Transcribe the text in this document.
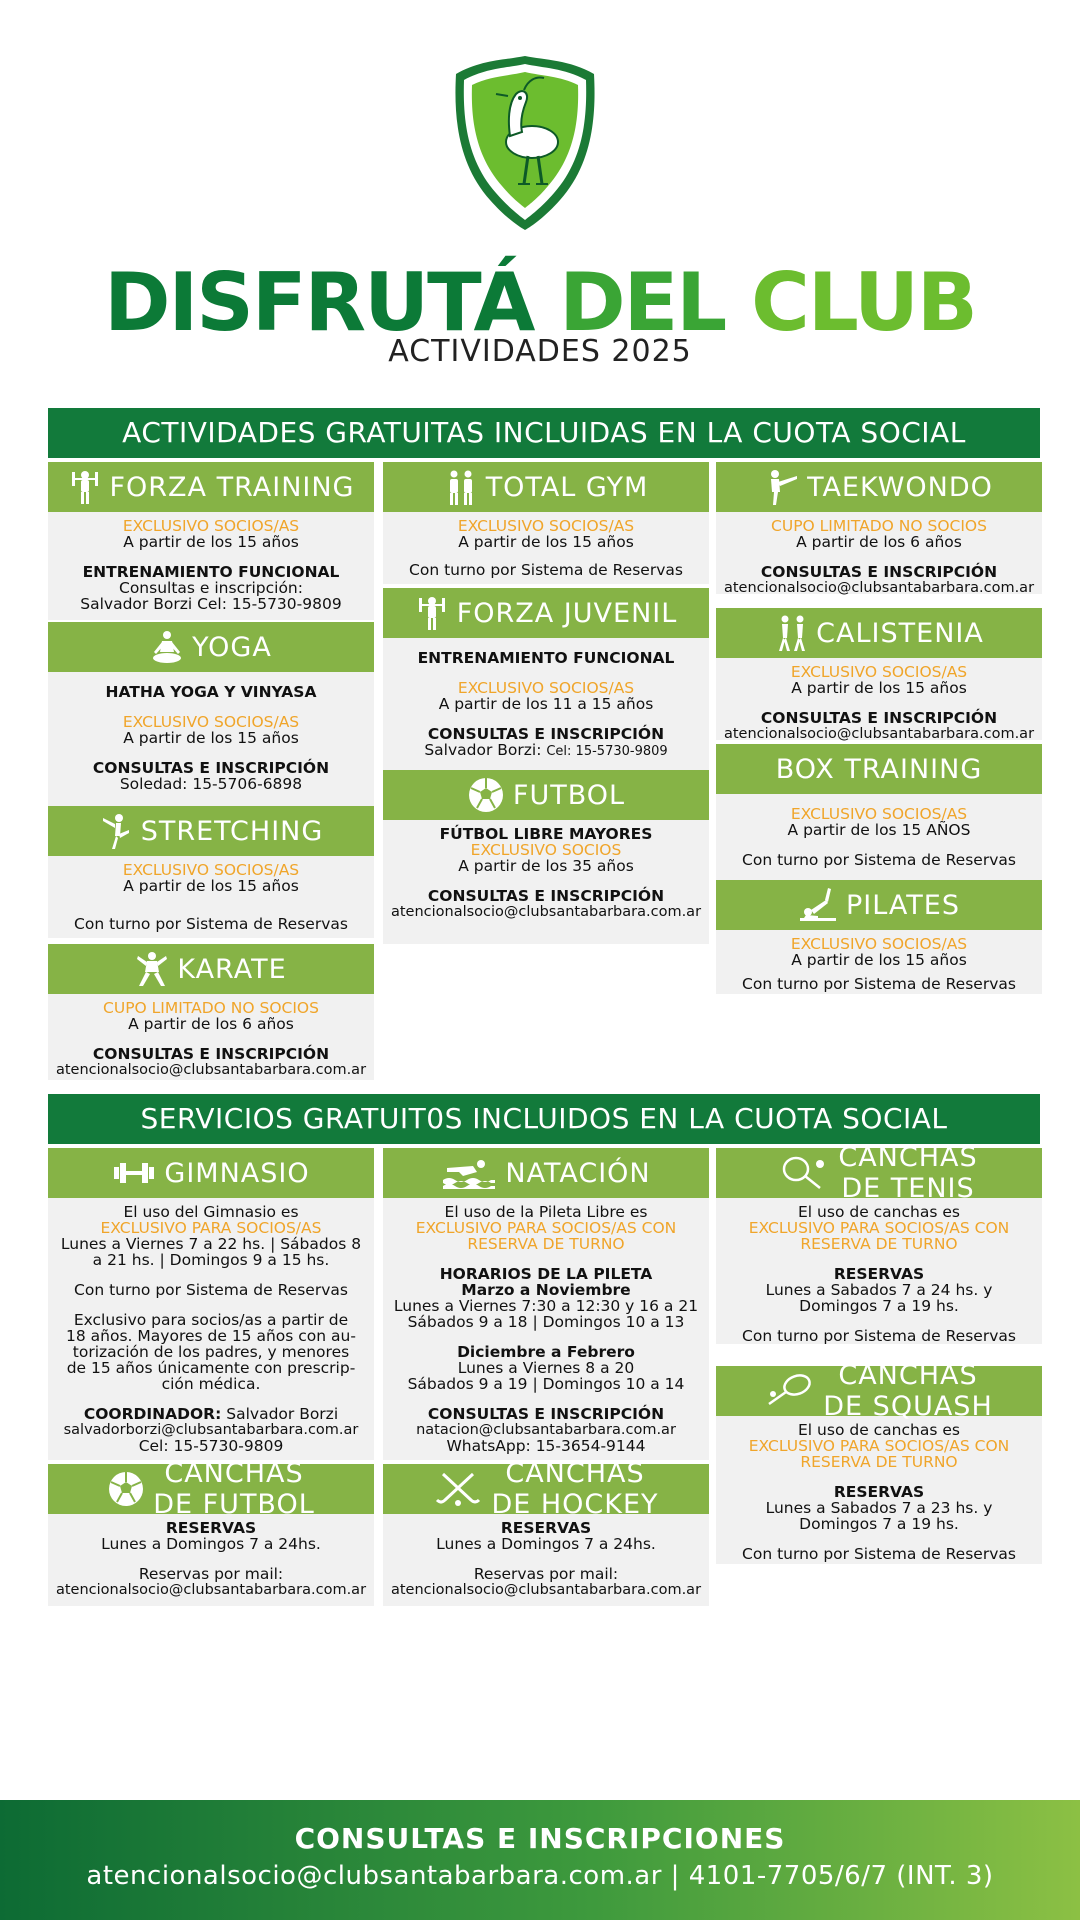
DISFRUTÁ DEL CLUB
ACTIVIDADES 2025
ACTIVIDADES GRATUITAS INCLUIDAS EN LA CUOTA SOCIAL
FORZA TRAINING

EXCLUSIVO SOCIOS/AS

A partir de los 15 años

ENTRENAMIENTO FUNCIONAL

Consultas e inscripción:

Salvador Borzi Cel: 15-5730-9809

YOGA

HATHA YOGA Y VINYASA

EXCLUSIVO SOCIOS/AS

A partir de los 15 años

CONSULTAS E INSCRIPCIÓN

Soledad: 15-5706-6898

STRETCHING

EXCLUSIVO SOCIOS/AS

A partir de los 15 años

Con turno por Sistema de Reservas

KARATE

CUPO LIMITADO NO SOCIOS

A partir de los 6 años

CONSULTAS E INSCRIPCIÓN

atencionalsocio@clubsantabarbara.com.ar

TOTAL GYM

EXCLUSIVO SOCIOS/AS

A partir de los 15 años

Con turno por Sistema de Reservas

FORZA JUVENIL

ENTRENAMIENTO FUNCIONAL

EXCLUSIVO SOCIOS/AS

A partir de los 11 a 15 años

CONSULTAS E INSCRIPCIÓN

Salvador Borzi: Cel: 15-5730-9809

FUTBOL

FÚTBOL LIBRE MAYORES

EXCLUSIVO SOCIOS

A partir de los 35 años

CONSULTAS E INSCRIPCIÓN

atencionalsocio@clubsantabarbara.com.ar

TAEKWONDO

CUPO LIMITADO NO SOCIOS

A partir de los 6 años

CONSULTAS E INSCRIPCIÓN

atencionalsocio@clubsantabarbara.com.ar

CALISTENIA

EXCLUSIVO SOCIOS/AS

A partir de los 15 años

CONSULTAS E INSCRIPCIÓN

atencionalsocio@clubsantabarbara.com.ar

BOX TRAINING

EXCLUSIVO SOCIOS/AS

A partir de los 15 AÑOS

Con turno por Sistema de Reservas

PILATES

EXCLUSIVO SOCIOS/AS

A partir de los 15 años

Con turno por Sistema de Reservas

SERVICIOS GRATUIT0S INCLUIDOS EN LA CUOTA SOCIAL
GIMNASIO

El uso del Gimnasio es

EXCLUSIVO PARA SOCIOS/AS

Lunes a Viernes 7 a 22 hs. | Sábados 8

a 21 hs. | Domingos 9 a 15 hs.

Con turno por Sistema de Reservas

Exclusivo para socios/as a partir de

18 años. Mayores de 15 años con au-

torización de los padres, y menores

de 15 años únicamente con prescrip-

ción médica.

COORDINADOR: Salvador Borzi

salvadorborzi@clubsantabarbara.com.ar

Cel: 15-5730-9809

NATACIÓN

El uso de la Pileta Libre es

EXCLUSIVO PARA SOCIOS/AS CON

RESERVA DE TURNO

HORARIOS DE LA PILETA

Marzo a Noviembre

Lunes a Viernes 7:30 a 12:30 y 16 a 21

Sábados 9 a 18 | Domingos 10 a 13

Diciembre a Febrero

Lunes a Viernes 8 a 20

Sábados 9 a 19 | Domingos 10 a 14

CONSULTAS E INSCRIPCIÓN

natacion@clubsantabarbara.com.ar

WhatsApp: 15-3654-9144

CANCHAS
DE TENIS

El uso de canchas es

EXCLUSIVO PARA SOCIOS/AS CON

RESERVA DE TURNO

RESERVAS

Lunes a Sabados 7 a 24 hs. y

Domingos 7 a 19 hs.

Con turno por Sistema de Reservas

CANCHAS
DE SQUASH

El uso de canchas es

EXCLUSIVO PARA SOCIOS/AS CON

RESERVA DE TURNO

RESERVAS

Lunes a Sabados 7 a 23 hs. y

Domingos 7 a 19 hs.

Con turno por Sistema de Reservas

CANCHAS
DE FUTBOL

RESERVAS

Lunes a Domingos 7 a 24hs.

Reservas por mail:

atencionalsocio@clubsantabarbara.com.ar

CANCHAS
DE HOCKEY

RESERVAS

Lunes a Domingos 7 a 24hs.

Reservas por mail:

atencionalsocio@clubsantabarbara.com.ar

CONSULTAS E INSCRIPCIONES
atencionalsocio@clubsantabarbara.com.ar | 4101-7705/6/7 (INT. 3)
